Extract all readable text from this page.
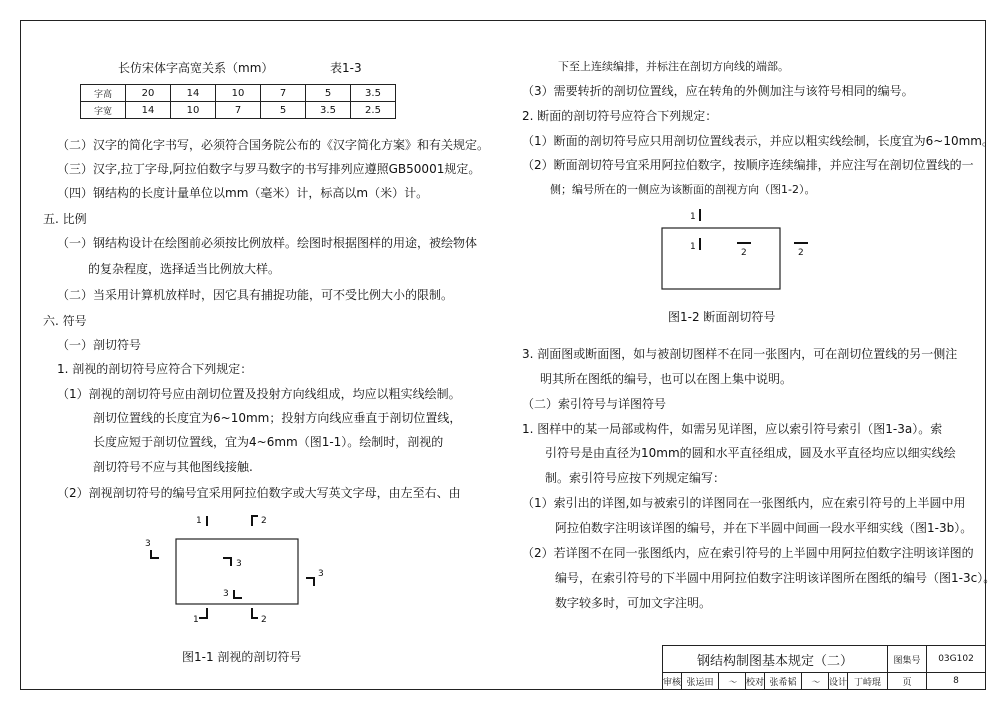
长仿宋体字高宽关系（mm）	表1-3
字高	20	14	10	7	5	3.5
字宽	14	10	7	5	3.5	2.5
（二）汉字的简化字书写，必须符合国务院公布的《汉字简化方案》和有关规定。
（三）汉字,拉丁字母,阿拉伯数字与罗马数字的书写排列应遵照GB50001规定。
（四）钢结构的长度计量单位以mm（毫米）计，标高以m（米）计。
五. 比例
（一）钢结构设计在绘图前必须按比例放样。绘图时根据图样的用途，被绘物体
的复杂程度，选择适当比例放大样。
（二）当采用计算机放样时，因它具有捕捉功能，可不受比例大小的限制。
六. 符号
（一）剖切符号
1. 剖视的剖切符号应符合下列规定：
（1）剖视的剖切符号应由剖切位置及投射方向线组成，均应以粗实线绘制。
剖切位置线的长度宜为6~10mm；投射方向线应垂直于剖切位置线，
长度应短于剖切位置线，宜为4~6mm（图1-1）。绘制时，剖视的
剖切符号不应与其他图线接触.
（2）剖视剖切符号的编号宜采用阿拉伯数字或大写英文字母，由左至右、由
1	2
3
3
3
3
1	2
图1-1 剖视的剖切符号
下至上连续编排，并标注在剖切方向线的端部。
（3）需要转折的剖切位置线，应在转角的外侧加注与该符号相同的编号。
2. 断面的剖切符号应符合下列规定：
（1）断面的剖切符号应只用剖切位置线表示，并应以粗实线绘制，长度宜为6~10mm。
（2）断面剖切符号宜采用阿拉伯数字，按顺序连续编排，并应注写在剖切位置线的一
侧；编号所在的一侧应为该断面的剖视方向（图1-2）。
1
1
2	2
图1-2 断面剖切符号
3. 剖面图或断面图，如与被剖切图样不在同一张图内，可在剖切位置线的另一侧注
明其所在图纸的编号，也可以在图上集中说明。
（二）索引符号与详图符号
1. 图样中的某一局部或构件，如需另见详图，应以索引符号索引（图1-3a）。索
引符号是由直径为10mm的圆和水平直径组成，圆及水平直径均应以细实线绘
制。索引符号应按下列规定编写：
（1）索引出的详图,如与被索引的详图同在一张图纸内，应在索引符号的上半圆中用
阿拉伯数字注明该详图的编号，并在下半圆中间画一段水平细实线（图1-3b）。
（2）若详图不在同一张图纸内，应在索引符号的上半圆中用阿拉伯数字注明该详图的
编号，在索引符号的下半圆中用阿拉伯数字注明该详图所在图纸的编号（图1-3c）。
数字较多时，可加文字注明。
钢结构制图基本规定（二）								图集号	03G102
审核	张运田	〜	校对	张希韬	〜	设计	丁峙琨	页	8
